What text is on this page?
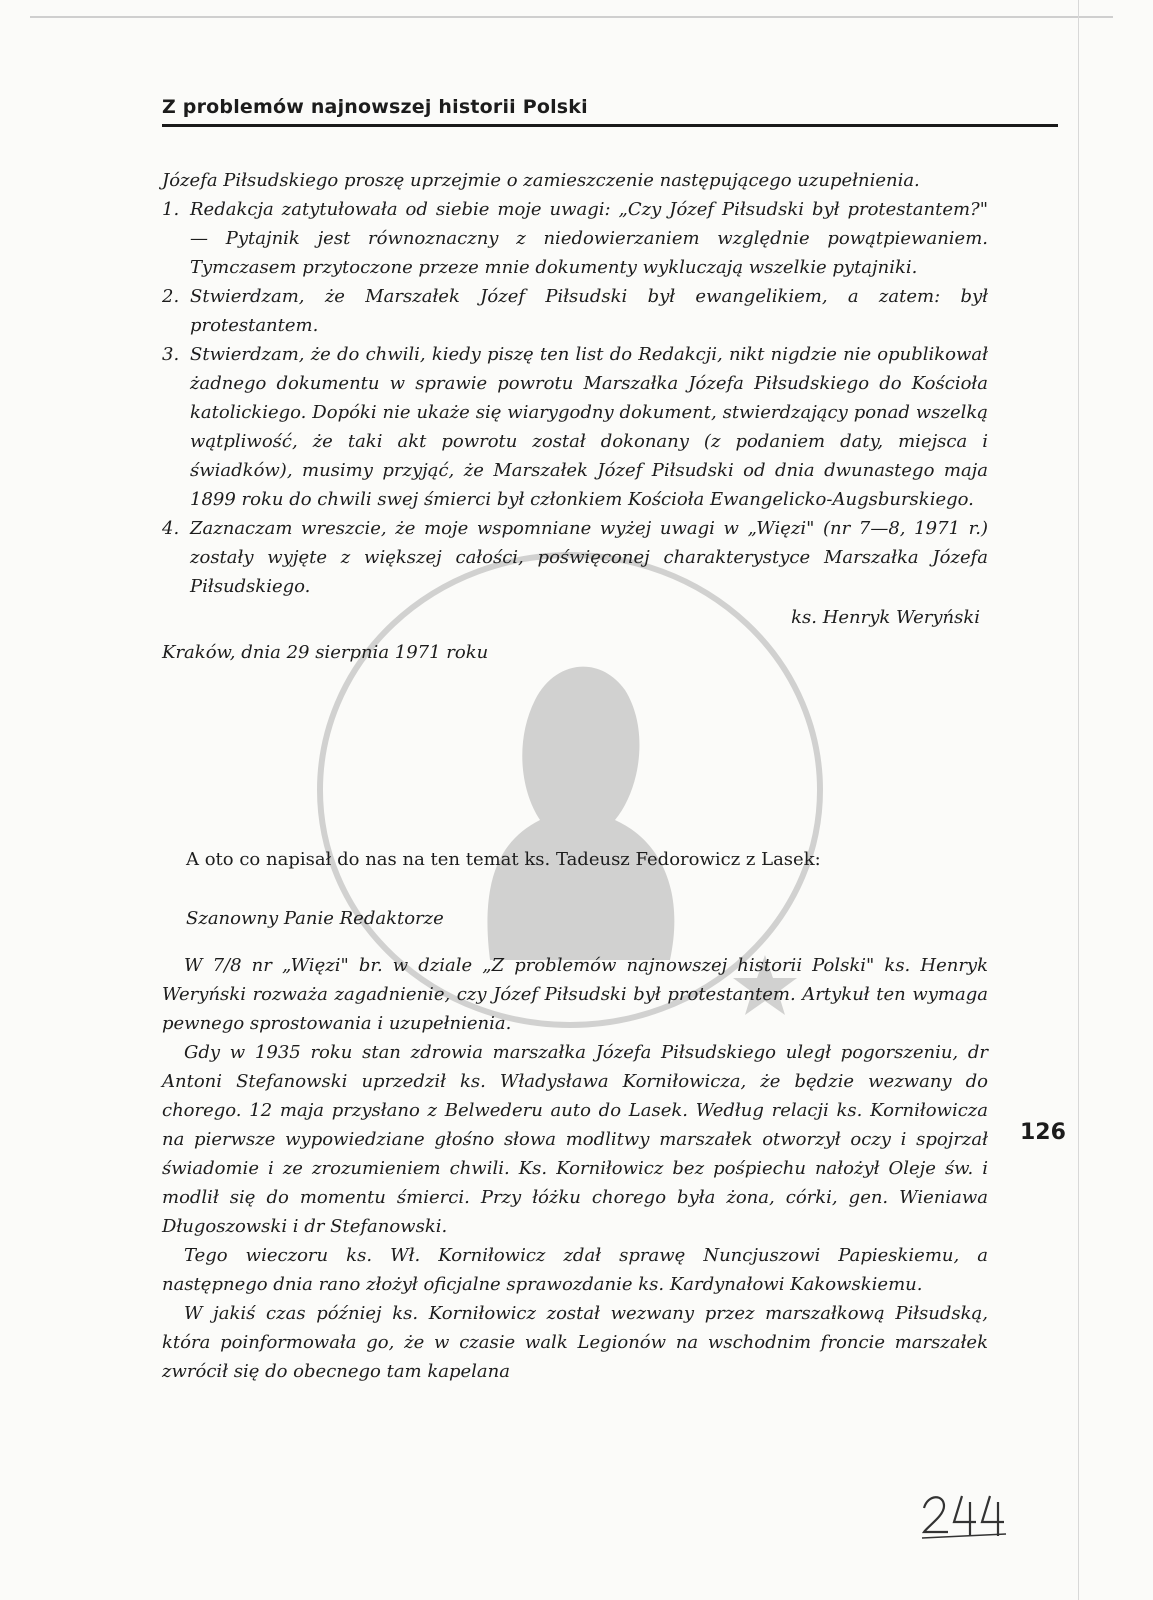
Z problemów najnowszej historii Polski

Józefa Piłsudskiego proszę uprzejmie o zamieszczenie następującego uzupełnienia.

1. Redakcja zatytułowała od siebie moje uwagi: „Czy Józef Piłsudski był protestantem?" — Pytajnik jest równoznaczny z niedowierzaniem względnie powątpiewaniem. Tymczasem przytoczone przeze mnie dokumenty wykluczają wszelkie pytajniki.

2. Stwierdzam, że Marszałek Józef Piłsudski był ewangelikiem, a zatem: był protestantem.

3. Stwierdzam, że do chwili, kiedy piszę ten list do Redakcji, nikt nigdzie nie opublikował żadnego dokumentu w sprawie powrotu Marszałka Józefa Piłsudskiego do Kościoła katolickiego. Dopóki nie ukaże się wiarygodny dokument, stwierdzający ponad wszelką wątpliwość, że taki akt powrotu został dokonany (z podaniem daty, miejsca i świadków), musimy przyjąć, że Marszałek Józef Piłsudski od dnia dwunastego maja 1899 roku do chwili swej śmierci był członkiem Kościoła Ewangelicko-Augsburskiego.

4. Zaznaczam wreszcie, że moje wspomniane wyżej uwagi w „Więzi" (nr 7—8, 1971 r.) zostały wyjęte z większej całości, poświęconej charakterystyce Marszałka Józefa Piłsudskiego.

ks. Henryk Weryński

Kraków, dnia 29 sierpnia 1971 roku

A oto co napisał do nas na ten temat ks. Tadeusz Fedorowicz z Lasek:

Szanowny Panie Redaktorze

W 7/8 nr „Więzi" br. w dziale „Z problemów najnowszej historii Polski" ks. Henryk Weryński rozważa zagadnienie, czy Józef Piłsudski był protestantem. Artykuł ten wymaga pewnego sprostowania i uzupełnienia.

Gdy w 1935 roku stan zdrowia marszałka Józefa Piłsudskiego uległ pogorszeniu, dr Antoni Stefanowski uprzedził ks. Władysława Korniłowicza, że będzie wezwany do chorego. 12 maja przysłano z Belwederu auto do Lasek. Według relacji ks. Korniłowicza na pierwsze wypowiedziane głośno słowa modlitwy marszałek otworzył oczy i spojrzał świadomie i ze zrozumieniem chwili. Ks. Korniłowicz bez pośpiechu nałożył Oleje św. i modlił się do momentu śmierci. Przy łóżku chorego była żona, córki, gen. Wieniawa Długoszowski i dr Stefanowski.

Tego wieczoru ks. Wł. Korniłowicz zdał sprawę Nuncjuszowi Papieskiemu, a następnego dnia rano złożył oficjalne sprawozdanie ks. Kardynałowi Kakowskiemu.

W jakiś czas później ks. Korniłowicz został wezwany przez marszałkową Piłsudską, która poinformowała go, że w czasie walk Legionów na wschodnim froncie marszałek zwrócił się do obecnego tam kapelana

126
